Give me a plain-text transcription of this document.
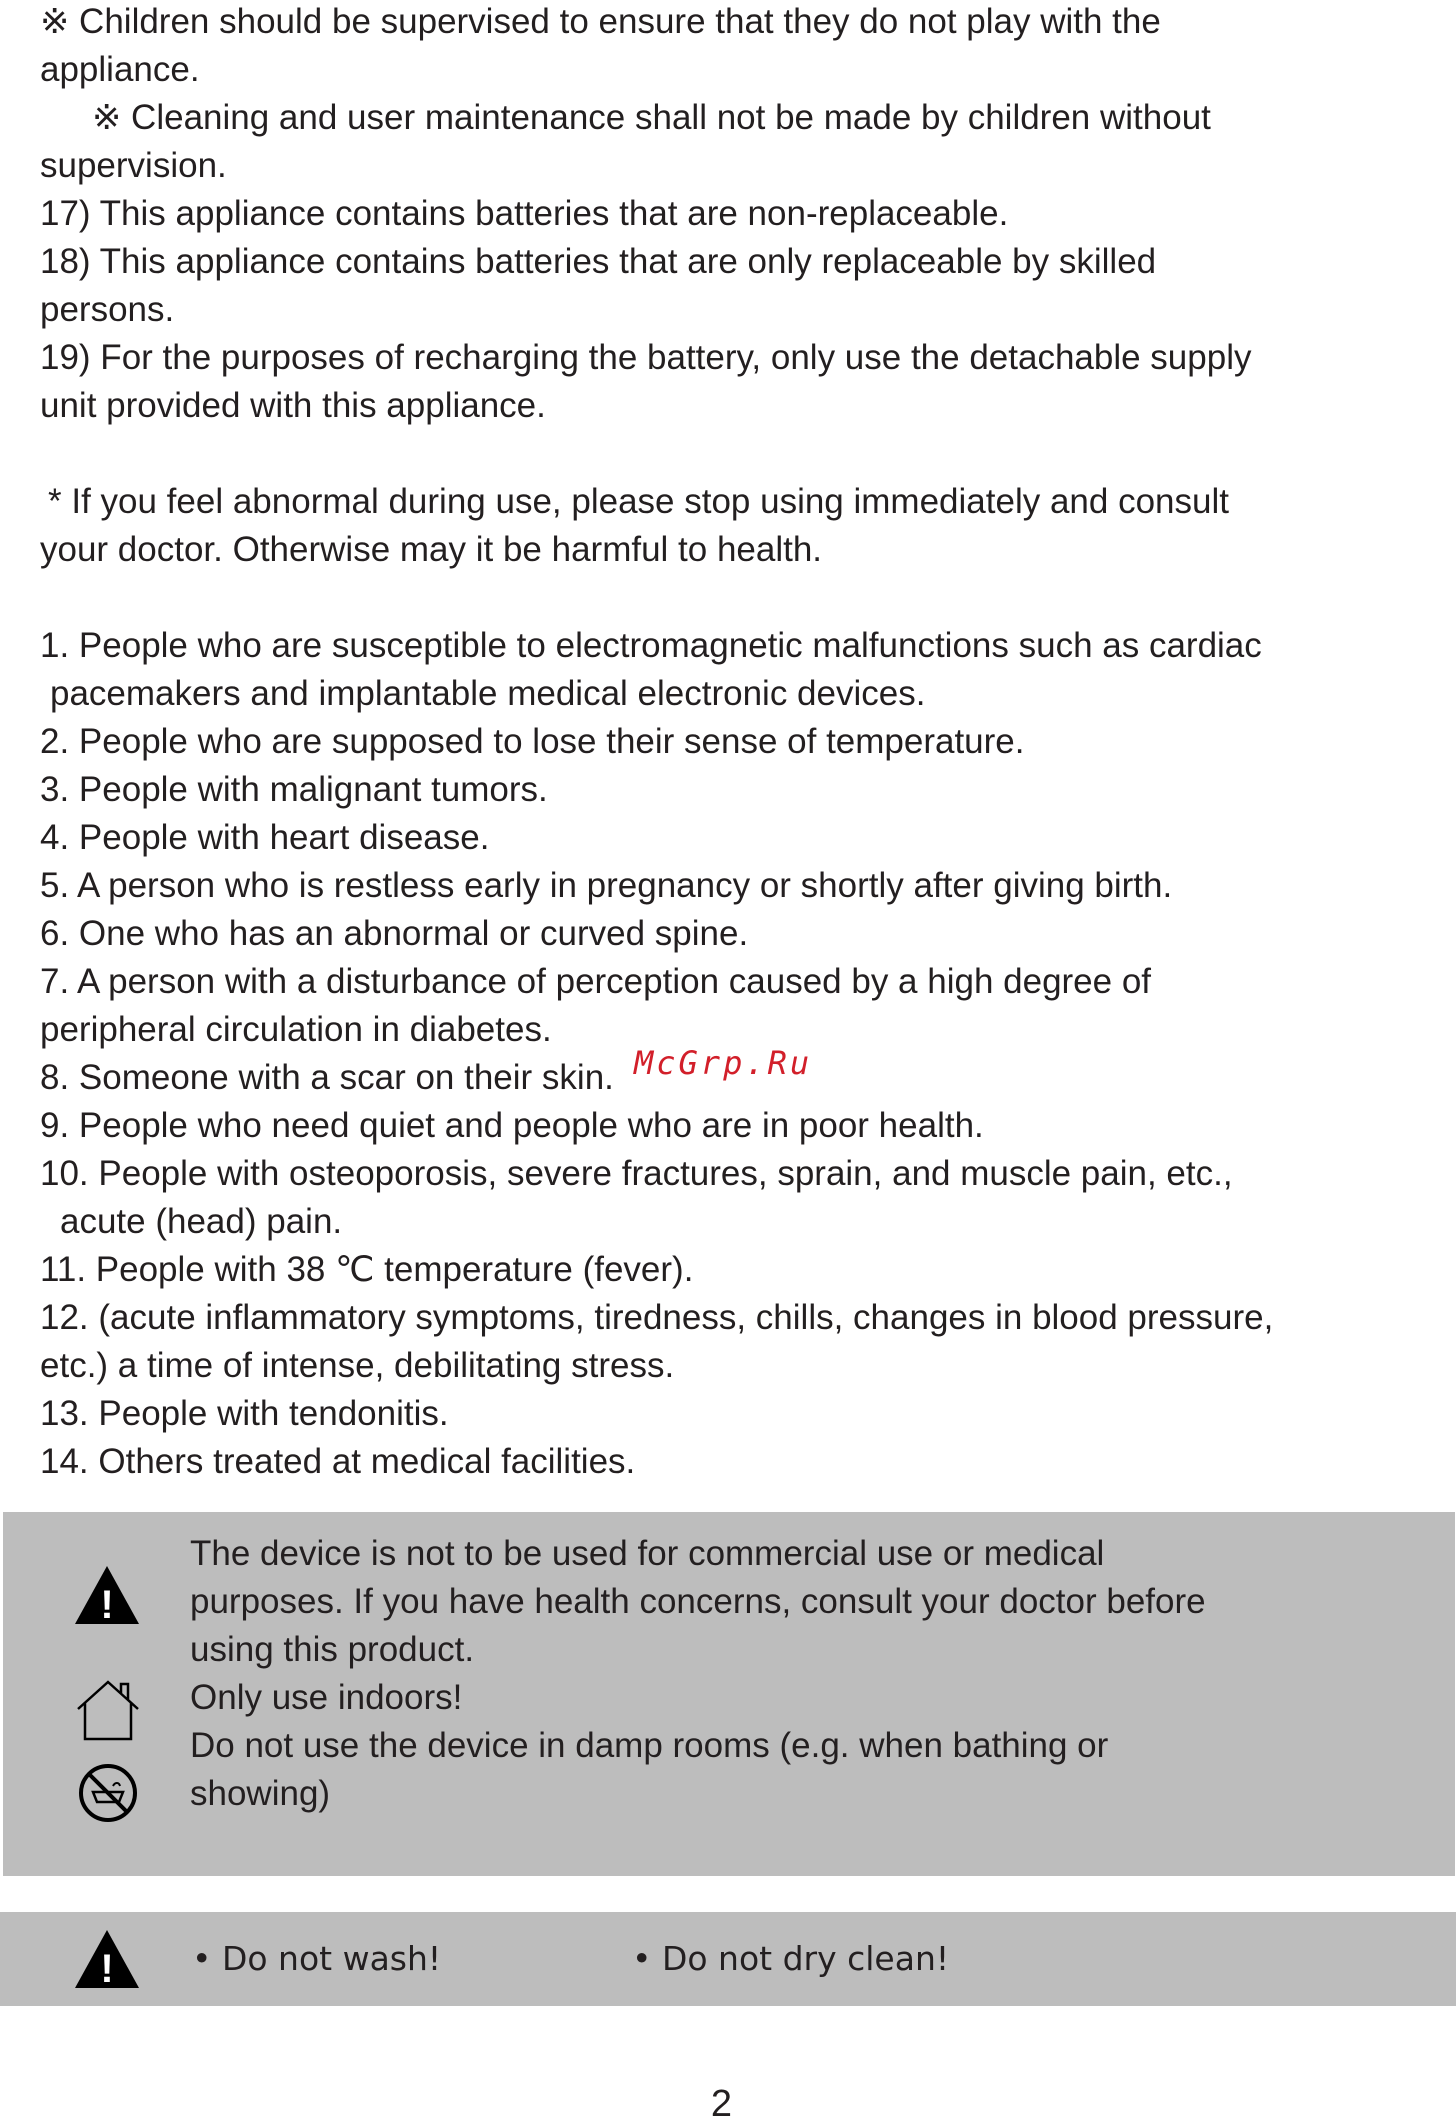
※ Children should be supervised to ensure that they do not play with the

appliance.

※ Cleaning and user maintenance shall not be made by children without

supervision.

17) This appliance contains batteries that are non-replaceable.

18) This appliance contains batteries that are only replaceable by skilled

persons.

19) For the purposes of recharging the battery, only use the detachable supply

unit provided with this appliance.

* If you feel abnormal during use, please stop using immediately and consult

your doctor. Otherwise may it be harmful to health.

1. People who are susceptible to electromagnetic malfunctions such as cardiac

pacemakers and implantable medical electronic devices.

2. People who are supposed to lose their sense of temperature.

3. People with malignant tumors.

4. People with heart disease.

5. A person who is restless early in pregnancy or shortly after giving birth.

6. One who has an abnormal or curved spine.

7. A person with a disturbance of perception caused by a high degree of

peripheral circulation in diabetes.

8. Someone with a scar on their skin.

9. People who need quiet and people who are in poor health.

10. People with osteoporosis, severe fractures, sprain, and muscle pain, etc.,

acute (head) pain.

11. People with 38 ℃ temperature (fever).

12. (acute inflammatory symptoms, tiredness, chills, changes in blood pressure,

etc.) a time of intense, debilitating stress.

13. People with tendonitis.

14. Others treated at medical facilities.

McGrp.Ru
!

The device is not to be used for commercial use or medical

purposes. If you have health concerns, consult your doctor before

using this product.

Only use indoors!

Do not use the device in damp rooms (e.g. when bathing or

showing)

! • Do not wash!	• Do not dry clean!
2
